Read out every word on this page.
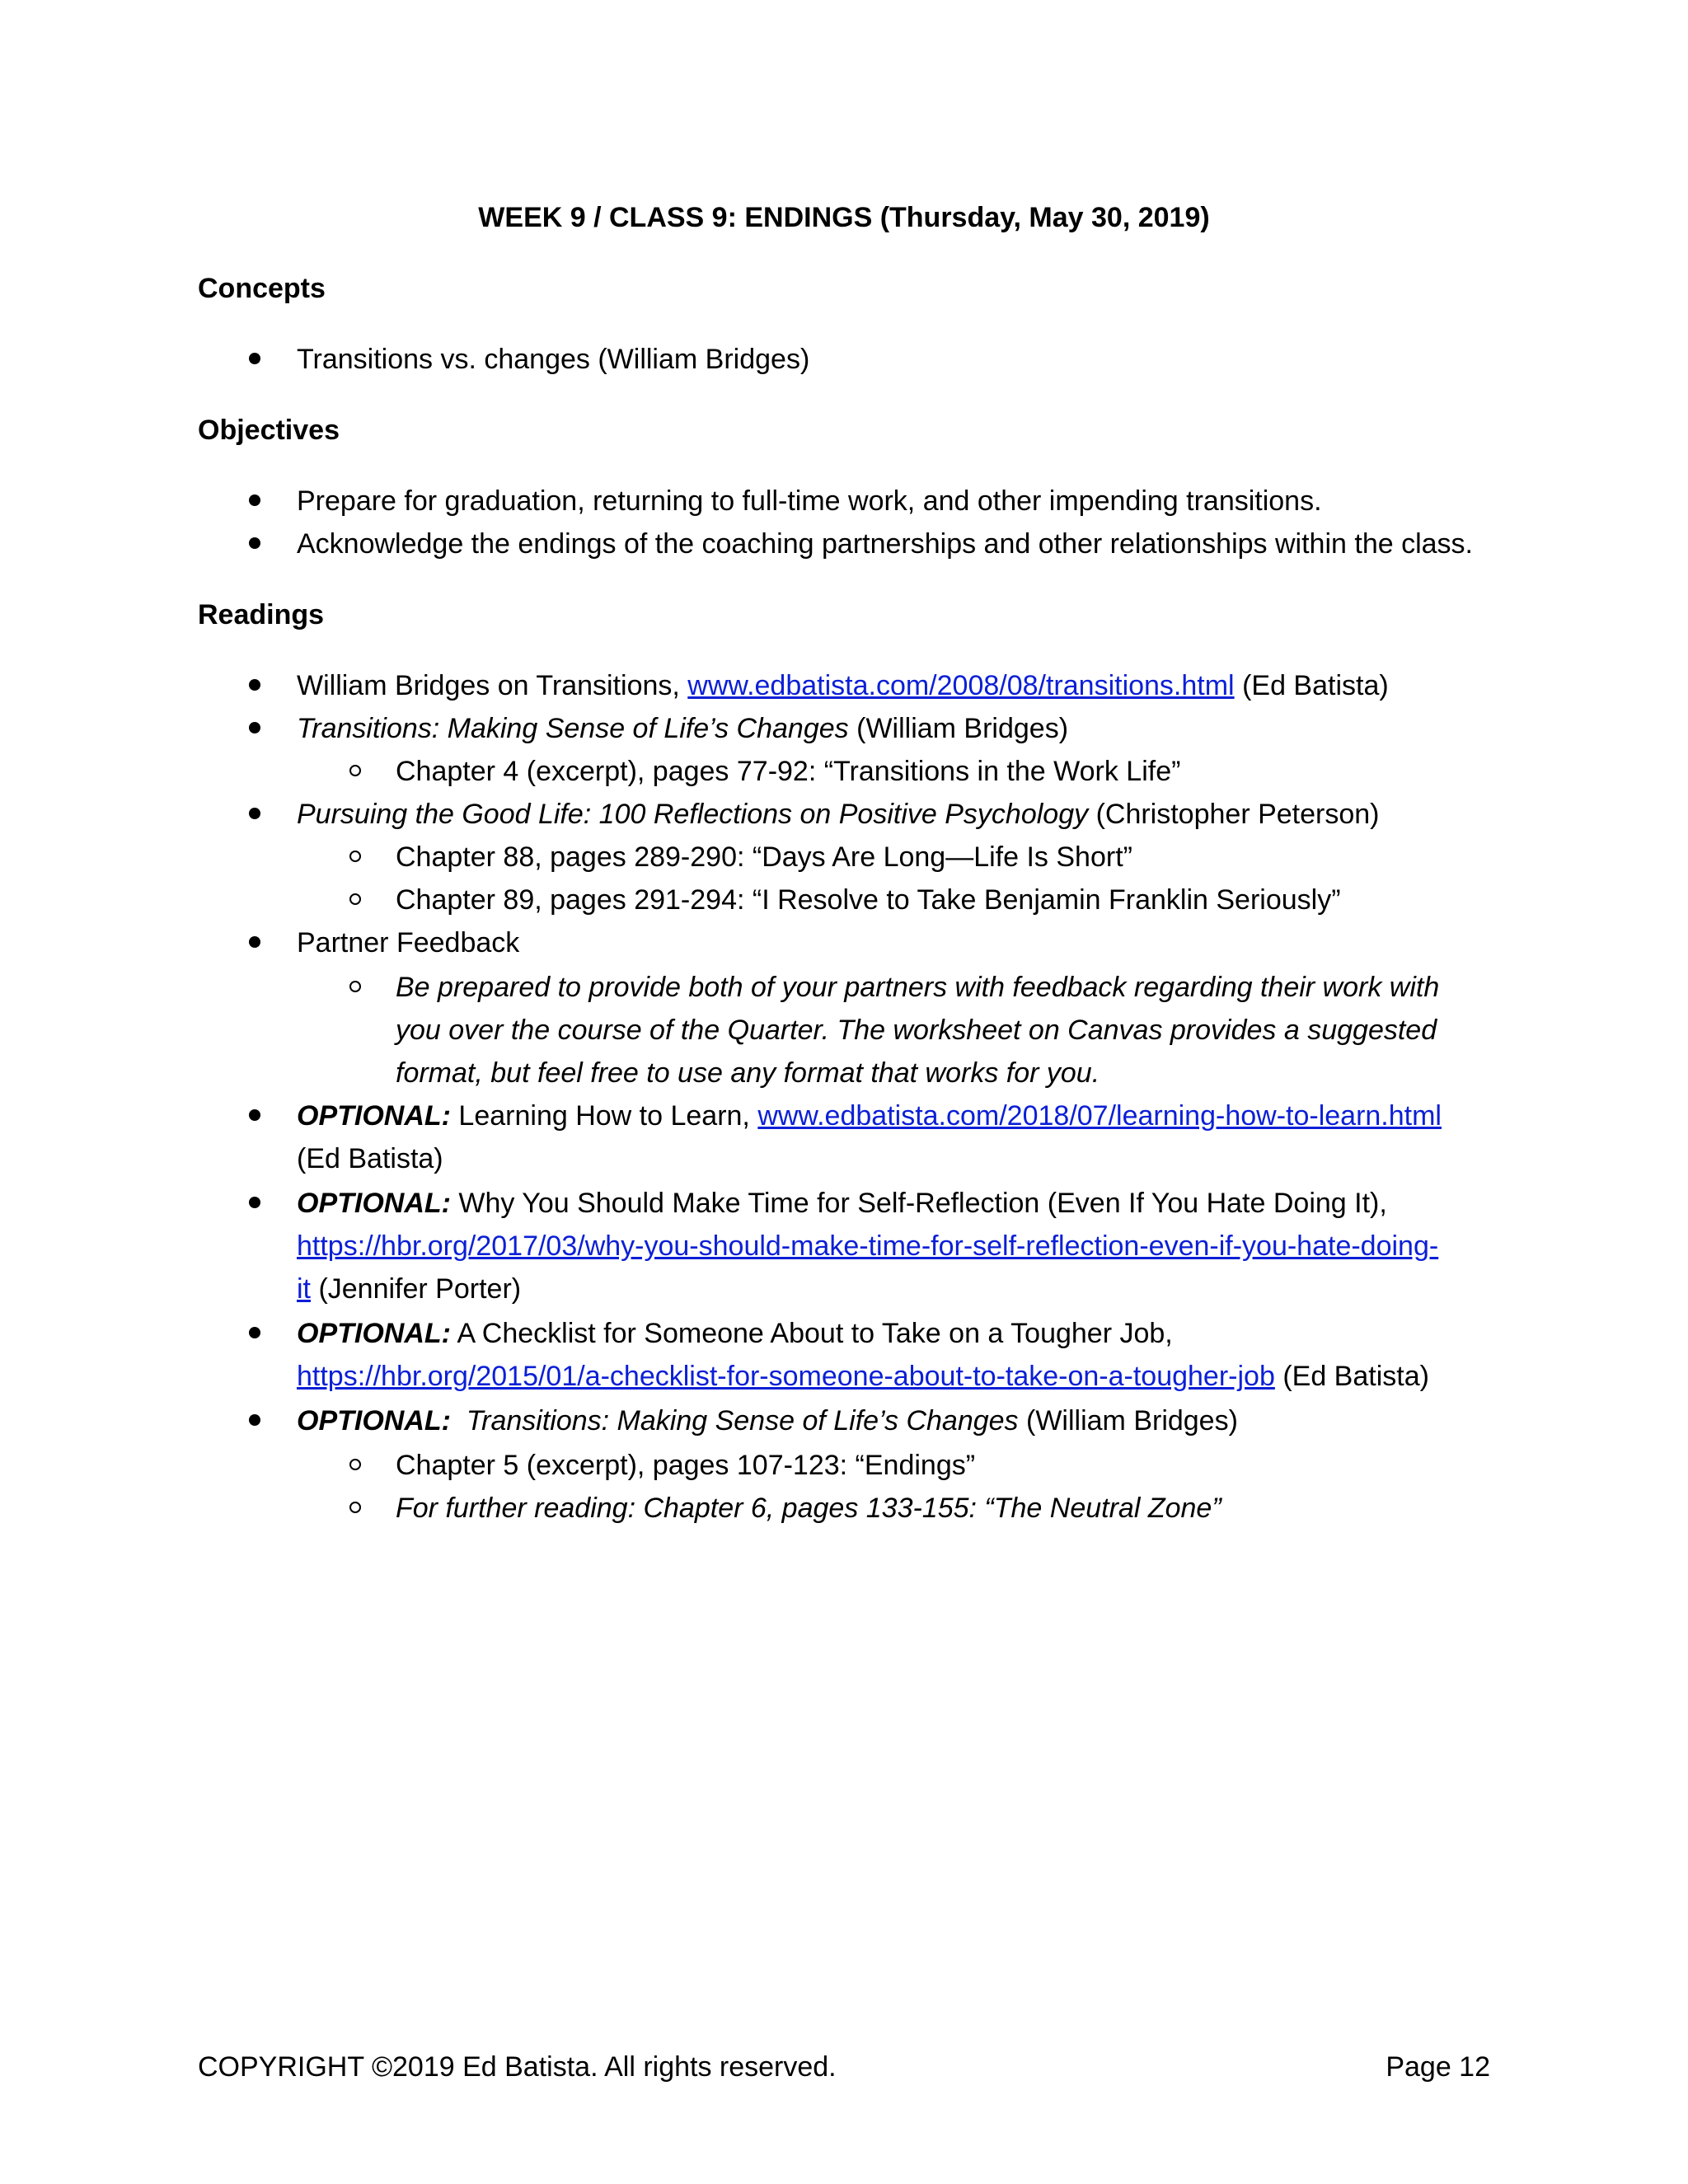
WEEK 9 / CLASS 9: ENDINGS (Thursday, May 30, 2019)
Concepts
Transitions vs. changes (William Bridges)
Objectives
Prepare for graduation, returning to full-time work, and other impending transitions.
Acknowledge the endings of the coaching partnerships and other relationships within the class.
Readings
William Bridges on Transitions, www.edbatista.com/2008/08/transitions.html (Ed Batista)
Transitions: Making Sense of Life’s Changes (William Bridges)
Chapter 4 (excerpt), pages 77-92: “Transitions in the Work Life”
Pursuing the Good Life: 100 Reflections on Positive Psychology (Christopher Peterson)
Chapter 88, pages 289-290: “Days Are Long—Life Is Short”
Chapter 89, pages 291-294: “I Resolve to Take Benjamin Franklin Seriously”
Partner Feedback
Be prepared to provide both of your partners with feedback regarding their work with
you over the course of the Quarter. The worksheet on Canvas provides a suggested
format, but feel free to use any format that works for you.
OPTIONAL: Learning How to Learn, www.edbatista.com/2018/07/learning-how-to-learn.html
(Ed Batista)
OPTIONAL: Why You Should Make Time for Self-Reflection (Even If You Hate Doing It),
https://hbr.org/2017/03/why-you-should-make-time-for-self-reflection-even-if-you-hate-doing-
it (Jennifer Porter)
OPTIONAL: A Checklist for Someone About to Take on a Tougher Job,
https://hbr.org/2015/01/a-checklist-for-someone-about-to-take-on-a-tougher-job (Ed Batista)
OPTIONAL: Transitions: Making Sense of Life’s Changes (William Bridges)
Chapter 5 (excerpt), pages 107-123: “Endings”
For further reading: Chapter 6, pages 133-155: “The Neutral Zone”
COPYRIGHT ©2019 Ed Batista. All rights reserved.	Page 12
